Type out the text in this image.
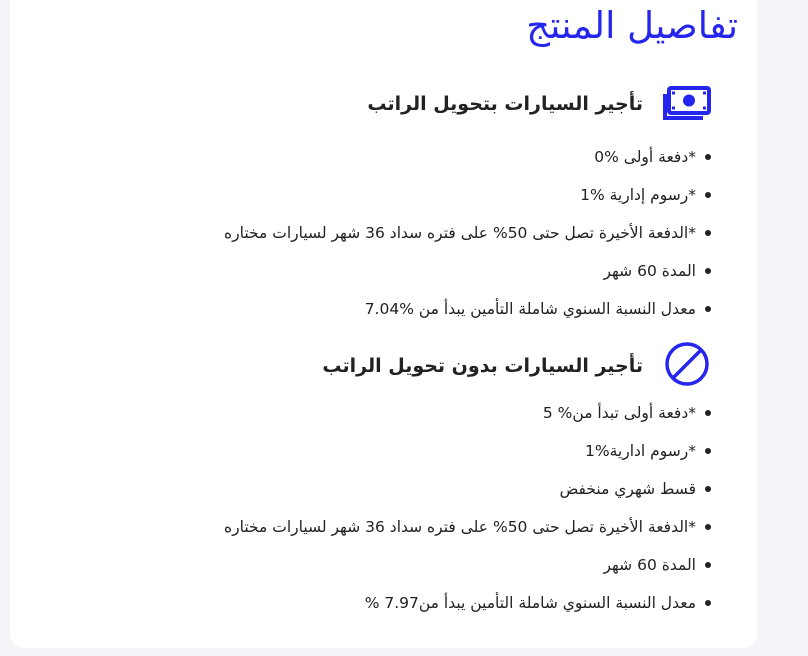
تفاصيل المنتج
تأجير السيارات بتحويل الراتب
*دفعة أولى %0
*رسوم إدارية %1
*الدفعة الأخيرة تصل حتى 50% على فتره سداد 36 شهر لسيارات مختاره
المدة 60 شهر
معدل النسبة السنوي شاملة التأمين يبدأ من %7.04
تأجير السيارات بدون تحويل الراتب
*دفعة أولى تبدأ من% 5
*رسوم ادارية%1
قسط شهري منخفض
*الدفعة الأخيرة تصل حتى 50% على فتره سداد 36 شهر لسيارات مختاره
المدة 60 شهر
معدل النسبة السنوي شاملة التأمين يبدأ من7.97 %
